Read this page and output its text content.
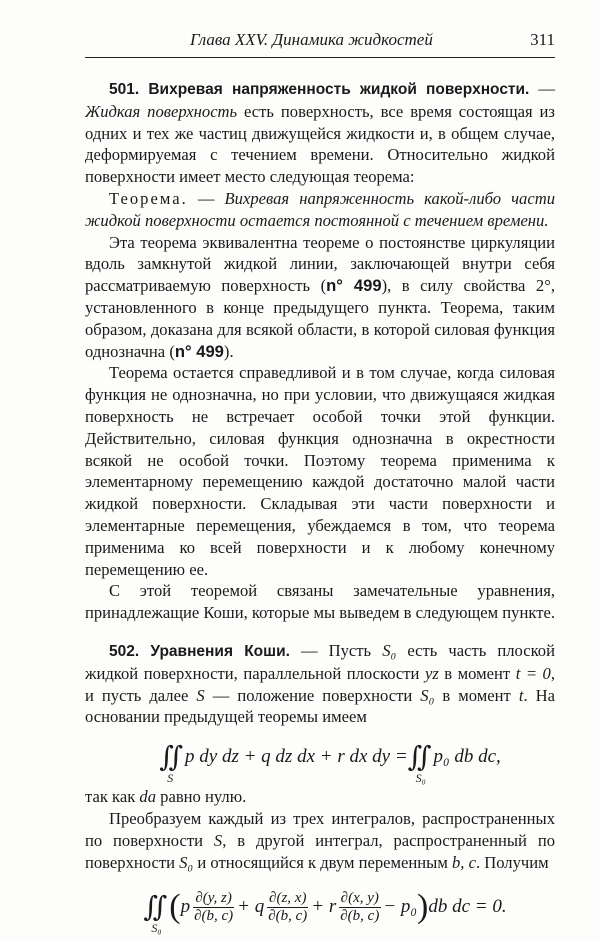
Глава XXV. Динамика жидкостей	311

501. Вихревая напряженность жидкой поверхности. — Жидкая поверхность есть поверхность, все время состоящая из одних и тех же частиц движущейся жидкости и, в общем случае, деформируемая с течением времени. Относительно жидкой поверхности имеет место следующая теорема:

Теорема. — Вихревая напряженность какой-либо части жидкой поверхности остается постоянной с течением времени.

Эта теорема эквивалентна теореме о постоянстве циркуляции вдоль замкнутой жидкой линии, заключающей внутри себя рассматриваемую поверхность (n° 499), в силу свойства 2°, установленного в конце предыдущего пункта. Теорема, таким образом, доказана для всякой области, в которой силовая функция однозначна (n° 499).

Теорема остается справедливой и в том случае, когда силовая функция не однозначна, но при условии, что движущаяся жидкая поверхность не встречает особой точки этой функции. Действительно, силовая функция однозначна в окрестности всякой не особой точки. Поэтому теорема применима к элементарному перемещению каждой достаточно малой части жидкой поверхности. Складывая эти части поверхности и элементарные перемещения, убеждаемся в том, что теорема применима ко всей поверхности и к любому конечному перемещению ее.

С этой теоремой связаны замечательные уравнения, принадлежащие Коши, которые мы выведем в следующем пункте.

502. Уравнения Коши. — Пусть S₀ есть часть плоской жидкой поверхности, параллельной плоскости yz в момент t = 0, и пусть далее S — положение поверхности S₀ в момент t. На основании предыдущей теоремы имеем

∬
S
p dy dz + q dz dx + r dx dy = ∬
S₀
p₀ db dc,

так как da равно нулю.

Преобразуем каждый из трех интегралов, распространенных по поверхности S, в другой интеграл, распространенный по поверхности S₀ и относящийся к двум переменным b, c. Получим

∬
S₀
( p $\frac{\partial(y, z)}{\partial(b, c)} + q \frac{\partial(z, x)}{\partial(b, c)} + r \frac{\partial(x, y)}{\partial(b, c)} - p_0$ ) db dc = 0.
